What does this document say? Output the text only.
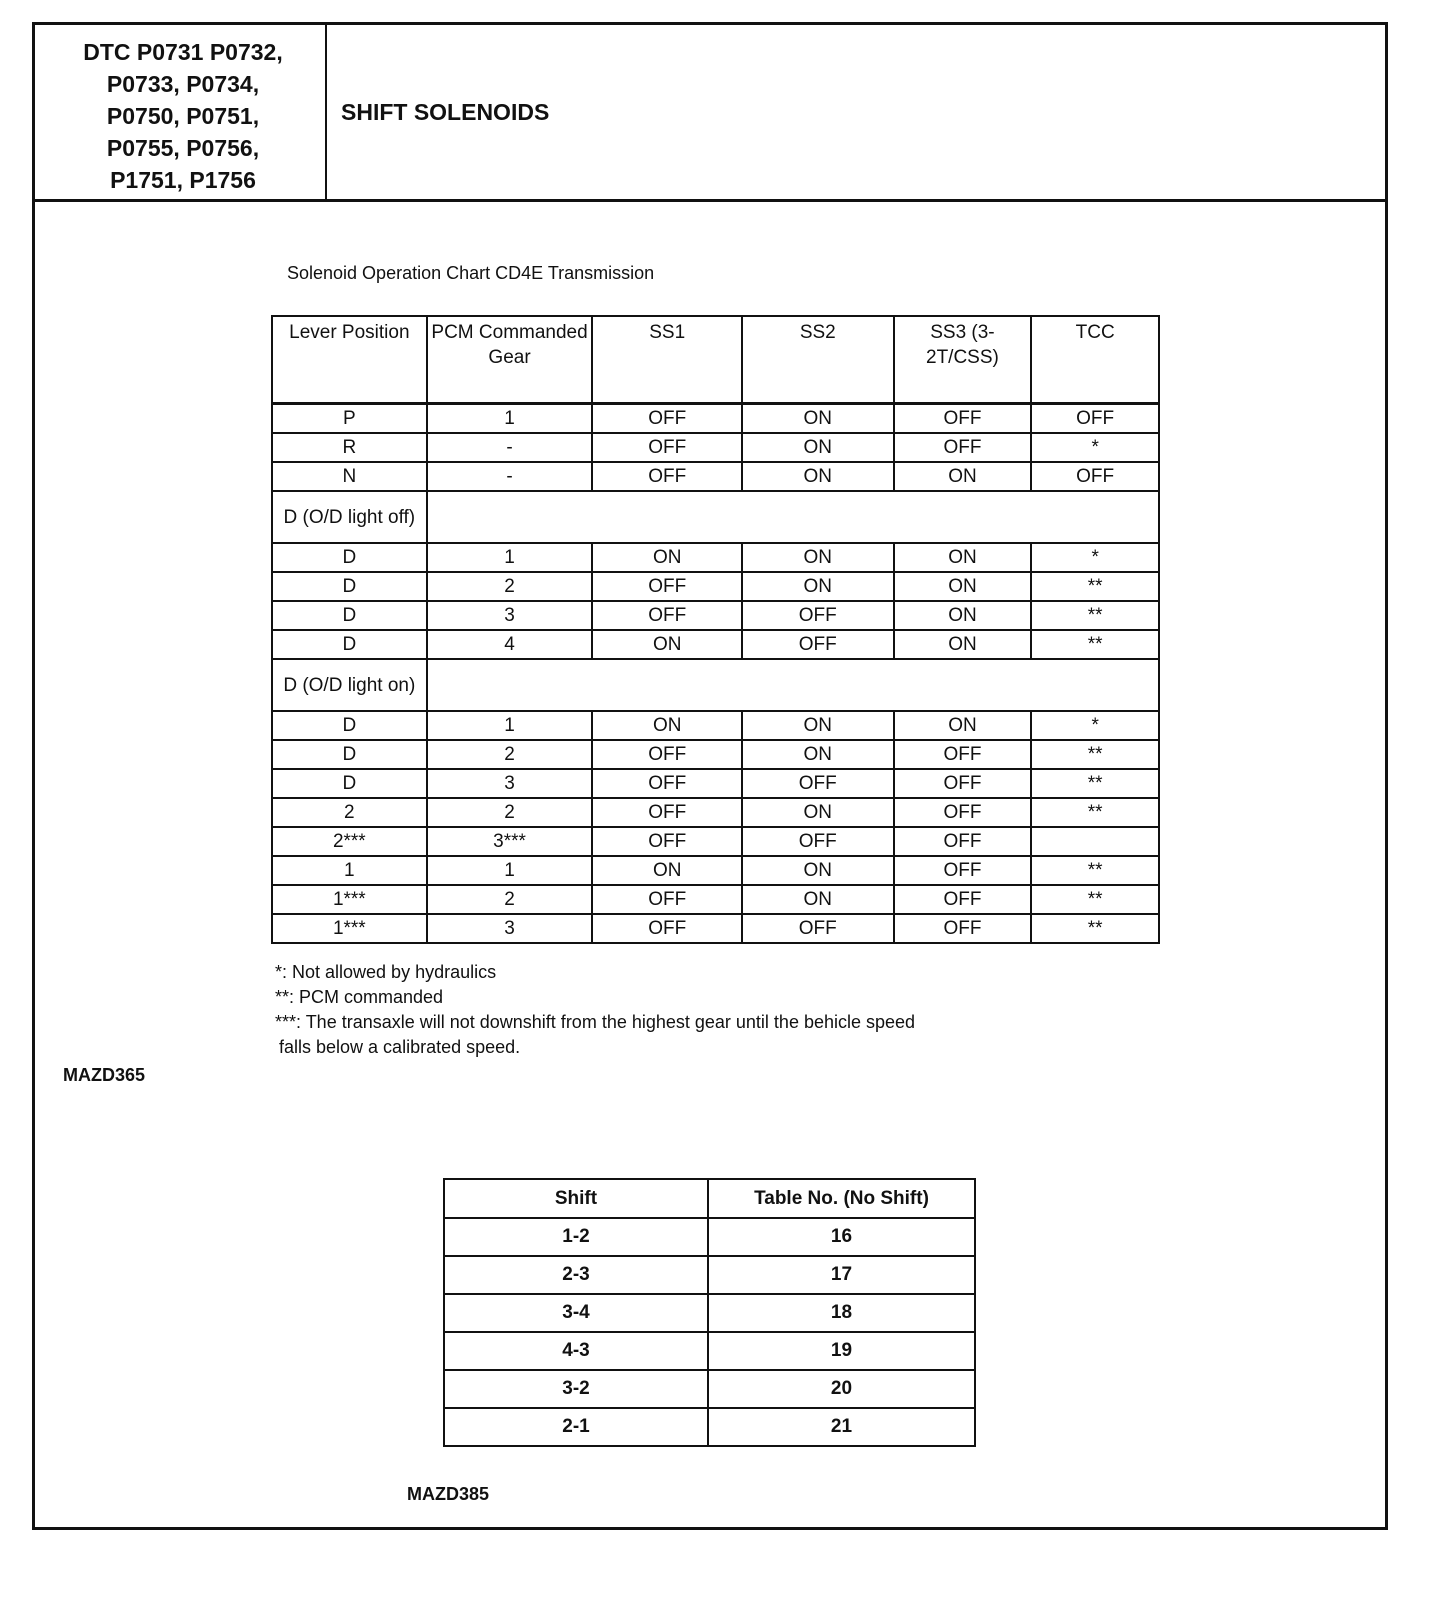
DTC P0731 P0732,
P0733, P0734,
P0750, P0751,
P0755, P0756,
P1751, P1756
SHIFT SOLENOIDS
Solenoid Operation Chart CD4E Transmission
Lever Position	PCM Commanded Gear	SS1	SS2	SS3 (3-2T/CSS)	TCC
P	1	OFF	ON	OFF	OFF
R	-	OFF	ON	OFF	*
N	-	OFF	ON	ON	OFF
D (O/D light off)					
D	1	ON	ON	ON	*
D	2	OFF	ON	ON	**
D	3	OFF	OFF	ON	**
D	4	ON	OFF	ON	**
D (O/D light on)					
D	1	ON	ON	ON	*
D	2	OFF	ON	OFF	**
D	3	OFF	OFF	OFF	**
2	2	OFF	ON	OFF	**
2***	3***	OFF	OFF	OFF	
1	1	ON	ON	OFF	**
1***	2	OFF	ON	OFF	**
1***	3	OFF	OFF	OFF	**
*: Not allowed by hydraulics
**: PCM commanded
***: The transaxle will not downshift from the highest gear until the behicle speed
falls below a calibrated speed.
MAZD365
Shift	Table No. (No Shift)
1-2	16
2-3	17
3-4	18
4-3	19
3-2	20
2-1	21
MAZD385
